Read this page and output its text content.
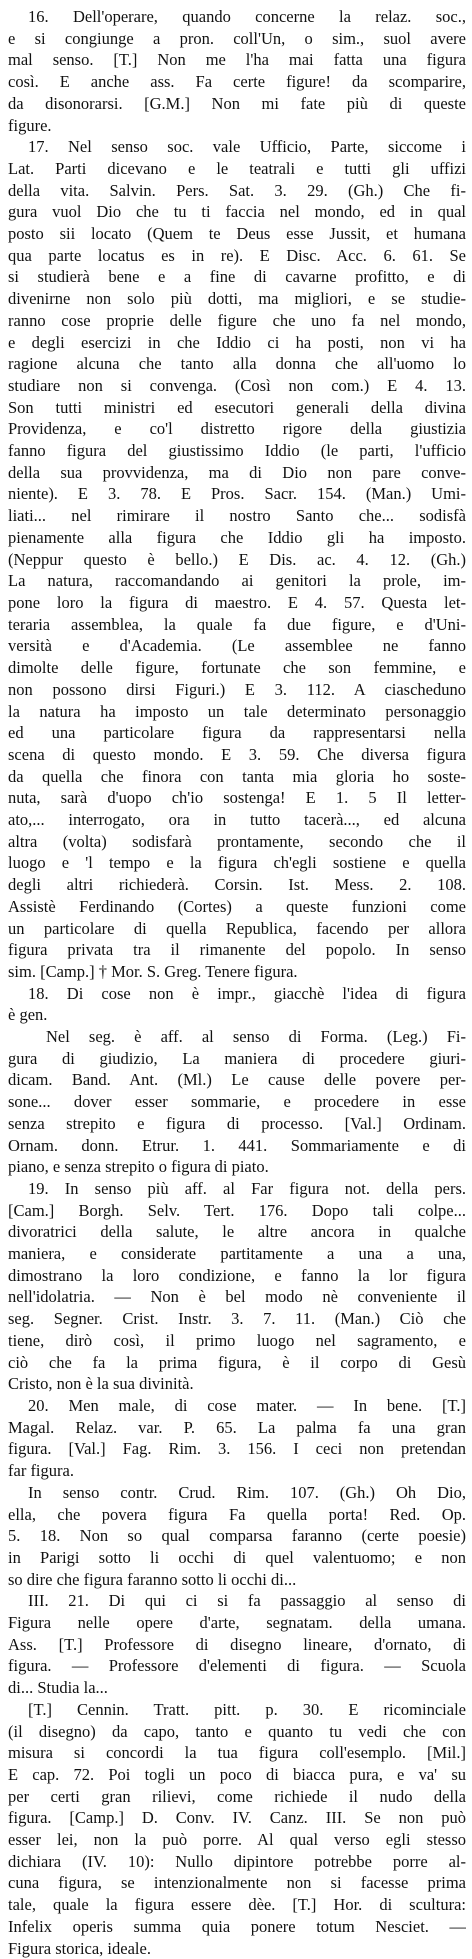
16. Dell'operare, quando concerne la relaz. soc.,
e si congiunge a pron. coll'Un, o sim., suol avere
mal senso. [T.] Non me l'ha mai fatta una figura
così. E anche ass. Fa certe figure! da scomparire,
da disonorarsi. [G.M.] Non mi fate più di queste
figure.
17. Nel senso soc. vale Ufficio, Parte, siccome i
Lat. Parti dicevano e le teatrali e tutti gli uffizi
della vita. Salvin. Pers. Sat. 3. 29. (Gh.) Che fi-
gura vuol Dio che tu ti faccia nel mondo, ed in qual
posto sii locato (Quem te Deus esse Jussit, et humana
qua parte locatus es in re). E Disc. Acc. 6. 61. Se
si studierà bene e a fine di cavarne profitto, e di
divenirne non solo più dotti, ma migliori, e se studie-
ranno cose proprie delle figure che uno fa nel mondo,
e degli esercizi in che Iddio ci ha posti, non vi ha
ragione alcuna che tanto alla donna che all'uomo lo
studiare non si convenga. (Così non com.) E 4. 13.
Son tutti ministri ed esecutori generali della divina
Providenza, e co'l distretto rigore della giustizia
fanno figura del giustissimo Iddio (le parti, l'ufficio
della sua provvidenza, ma di Dio non pare conve-
niente). E 3. 78. E Pros. Sacr. 154. (Man.) Umi-
liati... nel rimirare il nostro Santo che... sodisfà
pienamente alla figura che Iddio gli ha imposto.
(Neppur questo è bello.) E Dis. ac. 4. 12. (Gh.)
La natura, raccomandando ai genitori la prole, im-
pone loro la figura di maestro. E 4. 57. Questa let-
teraria assemblea, la quale fa due figure, e d'Uni-
versità e d'Academia. (Le assemblee ne fanno
dimolte delle figure, fortunate che son femmine, e
non possono dirsi Figuri.) E 3. 112. A ciascheduno
la natura ha imposto un tale determinato personaggio
ed una particolare figura da rappresentarsi nella
scena di questo mondo. E 3. 59. Che diversa figura
da quella che finora con tanta mia gloria ho soste-
nuta, sarà d'uopo ch'io sostenga! E 1. 5 Il letter-
ato,... interrogato, ora in tutto tacerà..., ed alcuna
altra (volta) sodisfarà prontamente, secondo che il
luogo e 'l tempo e la figura ch'egli sostiene e quella
degli altri richiederà. Corsin. Ist. Mess. 2. 108.
Assistè Ferdinando (Cortes) a queste funzioni come
un particolare di quella Republica, facendo per allora
figura privata tra il rimanente del popolo. In senso
sim. [Camp.] † Mor. S. Greg. Tenere figura.
18. Di cose non è impr., giacchè l'idea di figura
è gen.
Nel seg. è aff. al senso di Forma. (Leg.) Fi-
gura di giudizio, La maniera di procedere giuri-
dicam. Band. Ant. (Ml.) Le cause delle povere per-
sone... dover esser sommarie, e procedere in esse
senza strepito e figura di processo. [Val.] Ordinam.
Ornam. donn. Etrur. 1. 441. Sommariamente e di
piano, e senza strepito o figura di piato.
19. In senso più aff. al Far figura not. della pers.
[Cam.] Borgh. Selv. Tert. 176. Dopo tali colpe...
divoratrici della salute, le altre ancora in qualche
maniera, e considerate partitamente a una a una,
dimostrano la loro condizione, e fanno la lor figura
nell'idolatria. — Non è bel modo nè conveniente il
seg. Segner. Crist. Instr. 3. 7. 11. (Man.) Ciò che
tiene, dirò così, il primo luogo nel sagramento, e
ciò che fa la prima figura, è il corpo di Gesù
Cristo, non è la sua divinità.
20. Men male, di cose mater. — In bene. [T.]
Magal. Relaz. var. P. 65. La palma fa una gran
figura. [Val.] Fag. Rim. 3. 156. I ceci non pretendan
far figura.
In senso contr. Crud. Rim. 107. (Gh.) Oh Dio,
ella, che povera figura Fa quella porta! Red. Op.
5. 18. Non so qual comparsa faranno (certe poesie)
in Parigi sotto li occhi di quel valentuomo; e non
so dire che figura faranno sotto li occhi di...
III. 21. Di qui ci si fa passaggio al senso di
Figura nelle opere d'arte, segnatam. della umana.
Ass. [T.] Professore di disegno lineare, d'ornato, di
figura. — Professore d'elementi di figura. — Scuola
di... Studia la...
[T.] Cennin. Tratt. pitt. p. 30. E ricominciale
(il disegno) da capo, tanto e quanto tu vedi che con
misura si concordi la tua figura coll'esemplo. [Mil.]
E cap. 72. Poi togli un poco di biacca pura, e va' su
per certi gran rilievi, come richiede il nudo della
figura. [Camp.] D. Conv. IV. Canz. III. Se non può
esser lei, non la può porre. Al qual verso egli stesso
dichiara (IV. 10): Nullo dipintore potrebbe porre al-
cuna figura, se intenzionalmente non si facesse prima
tale, quale la figura essere dèe. [T.] Hor. di scultura:
Infelix operis summa quia ponere totum Nesciet. —
Figura storica, ideale.
